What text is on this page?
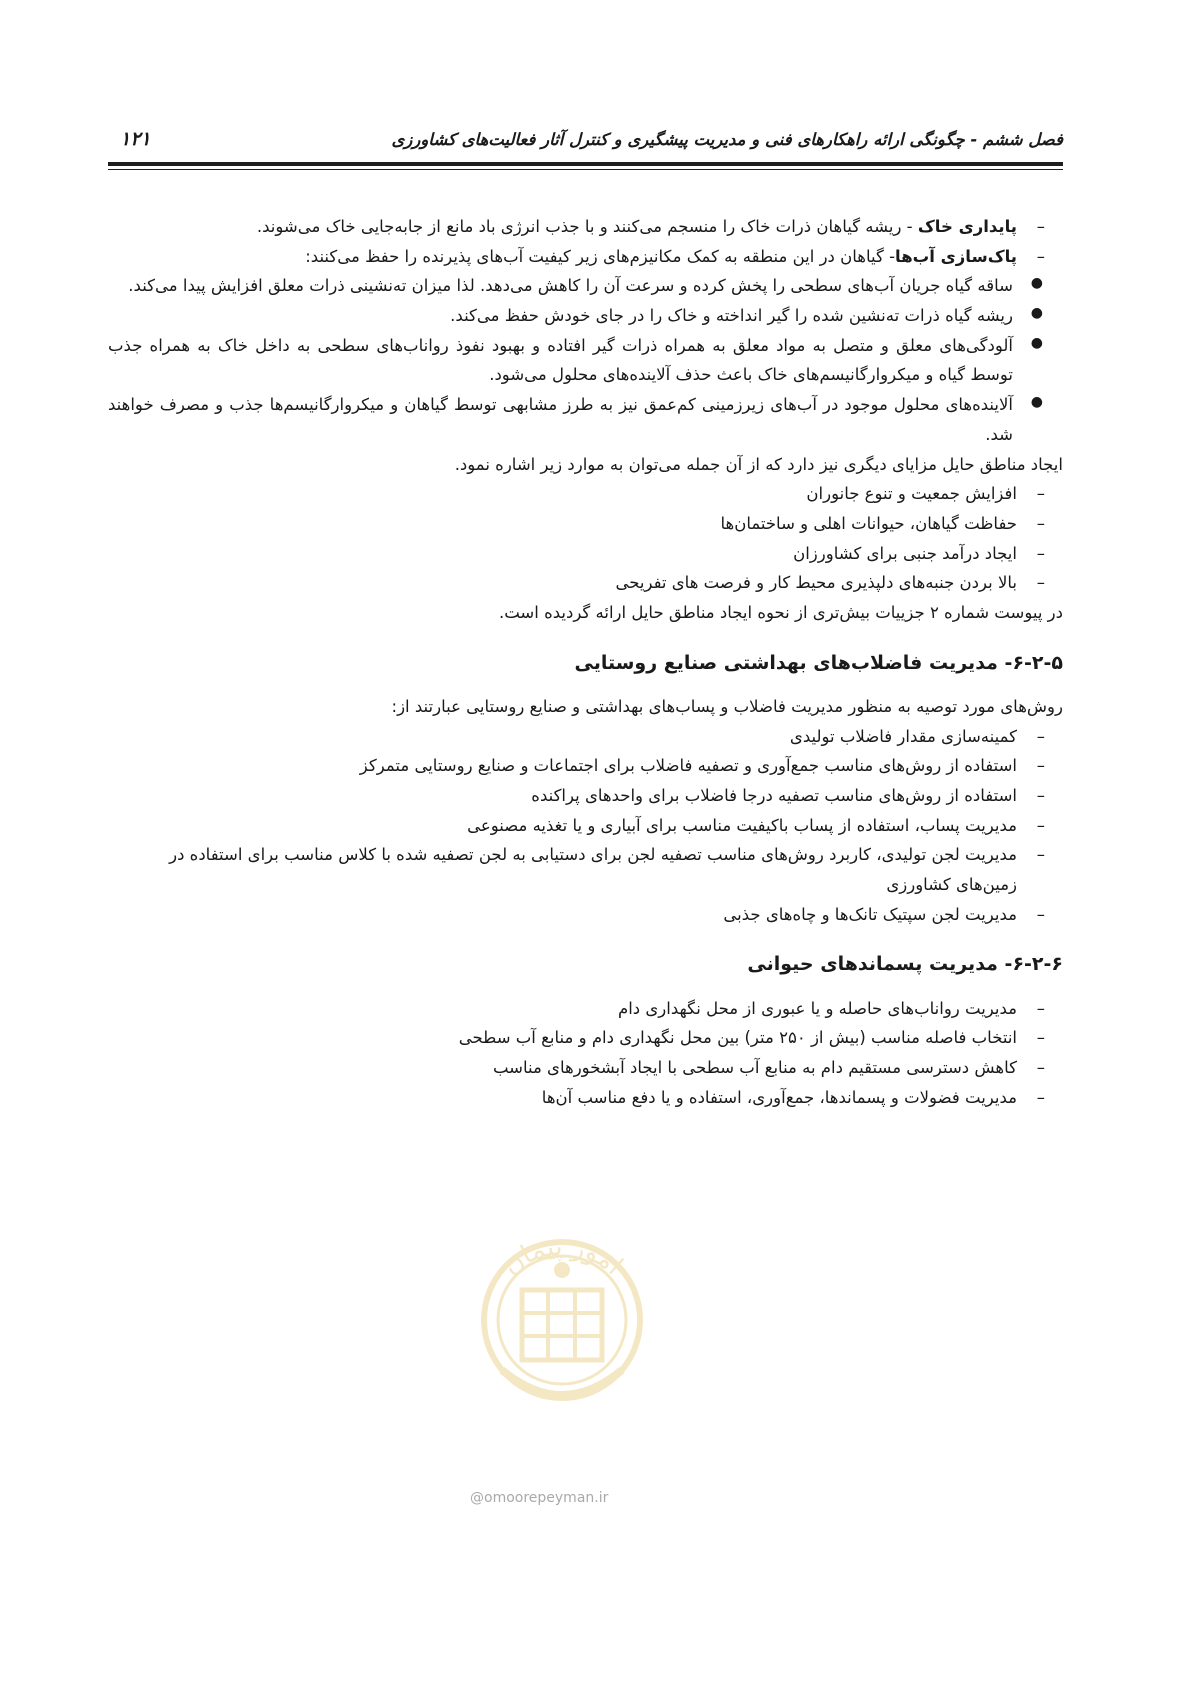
فصل ششم - چگونگی ارائه راهکارهای فنی و مدیریت پیشگیری و کنترل آثار فعالیت‌های کشاورزی
۱۲۱
–
پایداری خاک - ریشه گیاهان ذرات خاک را منسجم می‌کنند و با جذب انرژی باد مانع از جابه‌جایی خاک می‌شوند.
–
پاک‌سازی آب‌ها- گیاهان در این منطقه به کمک مکانیزم‌های زیر کیفیت آب‌های پذیرنده را حفظ می‌کنند:
●
ساقه گیاه جریان آب‌های سطحی را پخش کرده و سرعت آن را کاهش می‌دهد. لذا میزان ته‌نشینی ذرات معلق افزایش پیدا می‌کند.
●
ریشه گیاه ذرات ته‌نشین شده را گیر انداخته و خاک را در جای خودش حفظ می‌کند.
●
آلودگی‌های معلق و متصل به مواد معلق به همراه ذرات گیر افتاده و بهبود نفوذ رواناب‌های سطحی به داخل خاک به همراه جذب توسط گیاه و میکروارگانیسم‌های خاک باعث حذف آلاینده‌های محلول می‌شود.
●
آلاینده‌های محلول موجود در آب‌های زیرزمینی کم‌عمق نیز به طرز مشابهی توسط گیاهان و میکروارگانیسم‌ها جذب و مصرف خواهند شد.
ایجاد مناطق حایل مزایای دیگری نیز دارد که از آن جمله می‌توان به موارد زیر اشاره نمود.
–
افزایش جمعیت و تنوع جانوران
–
حفاظت گیاهان، حیوانات اهلی و ساختمان‌ها
–
ایجاد درآمد جنبی برای کشاورزان
–
بالا بردن جنبه‌های دلپذیری محیط کار و فرصت های تفریحی
در پیوست شماره ۲ جزییات بیش‌تری از نحوه ایجاد مناطق حایل ارائه گردیده است.
۶-۲-۵- مدیریت فاضلاب‌های بهداشتی صنایع روستایی
روش‌های مورد توصیه به منظور مدیریت فاضلاب و پساب‌های بهداشتی و صنایع روستایی عبارتند از:
–
کمینه‌سازی مقدار فاضلاب تولیدی
–
استفاده از روش‌های مناسب جمع‌آوری و تصفیه فاضلاب برای اجتماعات و صنایع روستایی متمرکز
–
استفاده از روش‌های مناسب تصفیه درجا فاضلاب برای واحدهای پراکنده
–
مدیریت پساب، استفاده از پساب باکیفیت مناسب برای آبیاری و یا تغذیه مصنوعی
–
مدیریت لجن تولیدی، کاربرد روش‌های مناسب تصفیه لجن برای دستیابی به لجن تصفیه شده با کلاس مناسب برای استفاده در زمین‌های کشاورزی
–
مدیریت لجن سپتیک تانک‌ها و چاه‌های جذبی
۶-۲-۶- مدیریت پسماندهای حیوانی
–
مدیریت رواناب‌های حاصله و یا عبوری از محل نگهداری دام
–
انتخاب فاصله مناسب (بیش از ۲۵۰ متر) بین محل نگهداری دام و منابع آب سطحی
–
کاهش دسترسی مستقیم دام به منابع آب سطحی با ایجاد آبشخورهای مناسب
–
مدیریت فضولات و پسماندها، جمع‌آوری، استفاده و یا دفع مناسب آن‌ها
امور پیمان
@omoorepeyman.ir
